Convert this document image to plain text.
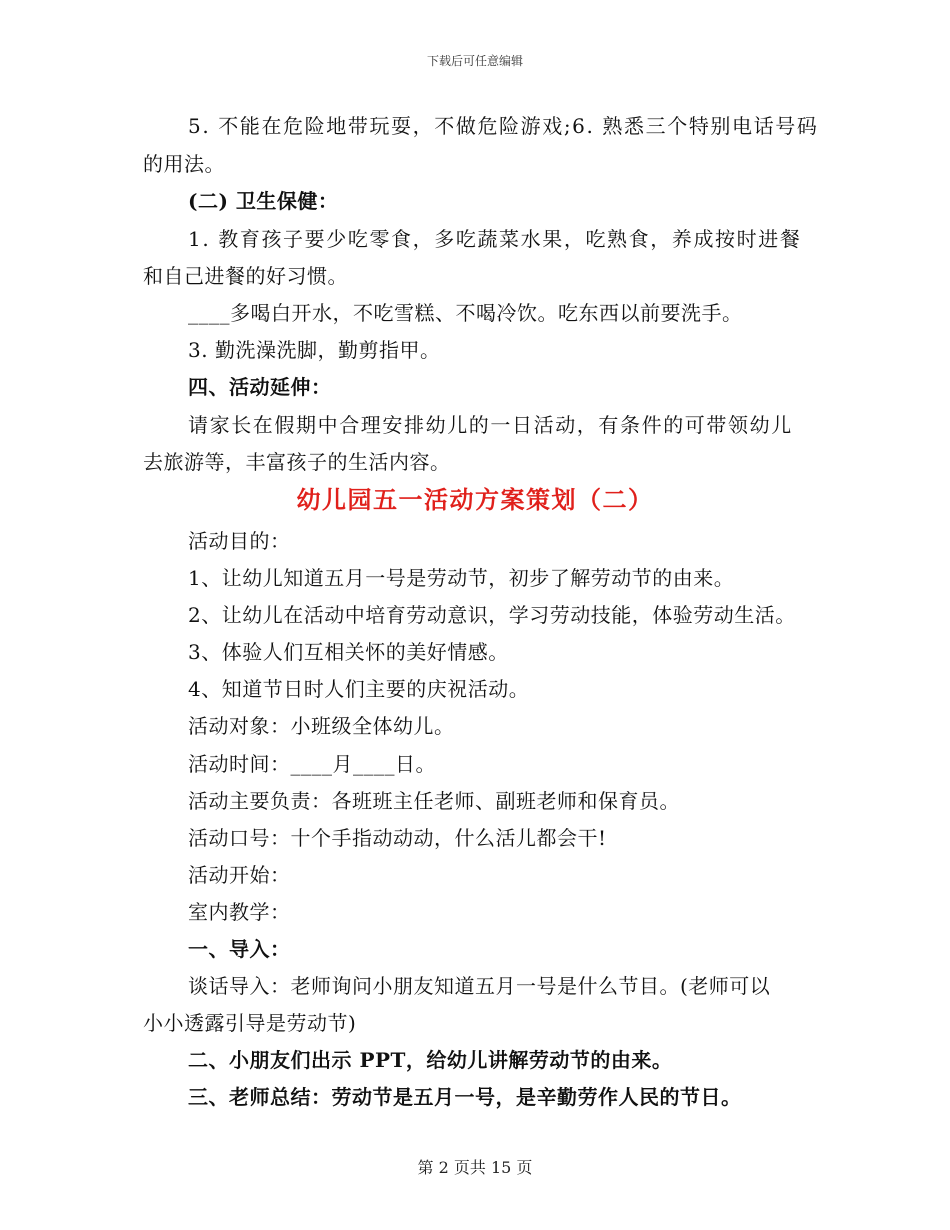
下载后可任意编辑
5. 不能在危险地带玩耍，不做危险游戏;6. 熟悉三个特别电话号码
的用法。
(二) 卫生保健：
1. 教育孩子要少吃零食，多吃蔬菜水果，吃熟食，养成按时进餐
和自己进餐的好习惯。
____多喝白开水，不吃雪糕、不喝冷饮。吃东西以前要洗手。
3. 勤洗澡洗脚，勤剪指甲。
四、活动延伸：
请家长在假期中合理安排幼儿的一日活动，有条件的可带领幼儿
去旅游等，丰富孩子的生活内容。
幼儿园五一活动方案策划（二）
活动目的：
1、让幼儿知道五月一号是劳动节，初步了解劳动节的由来。
2、让幼儿在活动中培育劳动意识，学习劳动技能，体验劳动生活。
3、体验人们互相关怀的美好情感。
4、知道节日时人们主要的庆祝活动。
活动对象：小班级全体幼儿。
活动时间：____月____日。
活动主要负责：各班班主任老师、副班老师和保育员。
活动口号：十个手指动动动，什么活儿都会干!
活动开始：
室内教学：
一、导入：
谈话导入：老师询问小朋友知道五月一号是什么节目。(老师可以
小小透露引导是劳动节)
二、小朋友们出示 PPT，给幼儿讲解劳动节的由来。
三、老师总结：劳动节是五月一号，是辛勤劳作人民的节日。
第 2 页共 15 页
